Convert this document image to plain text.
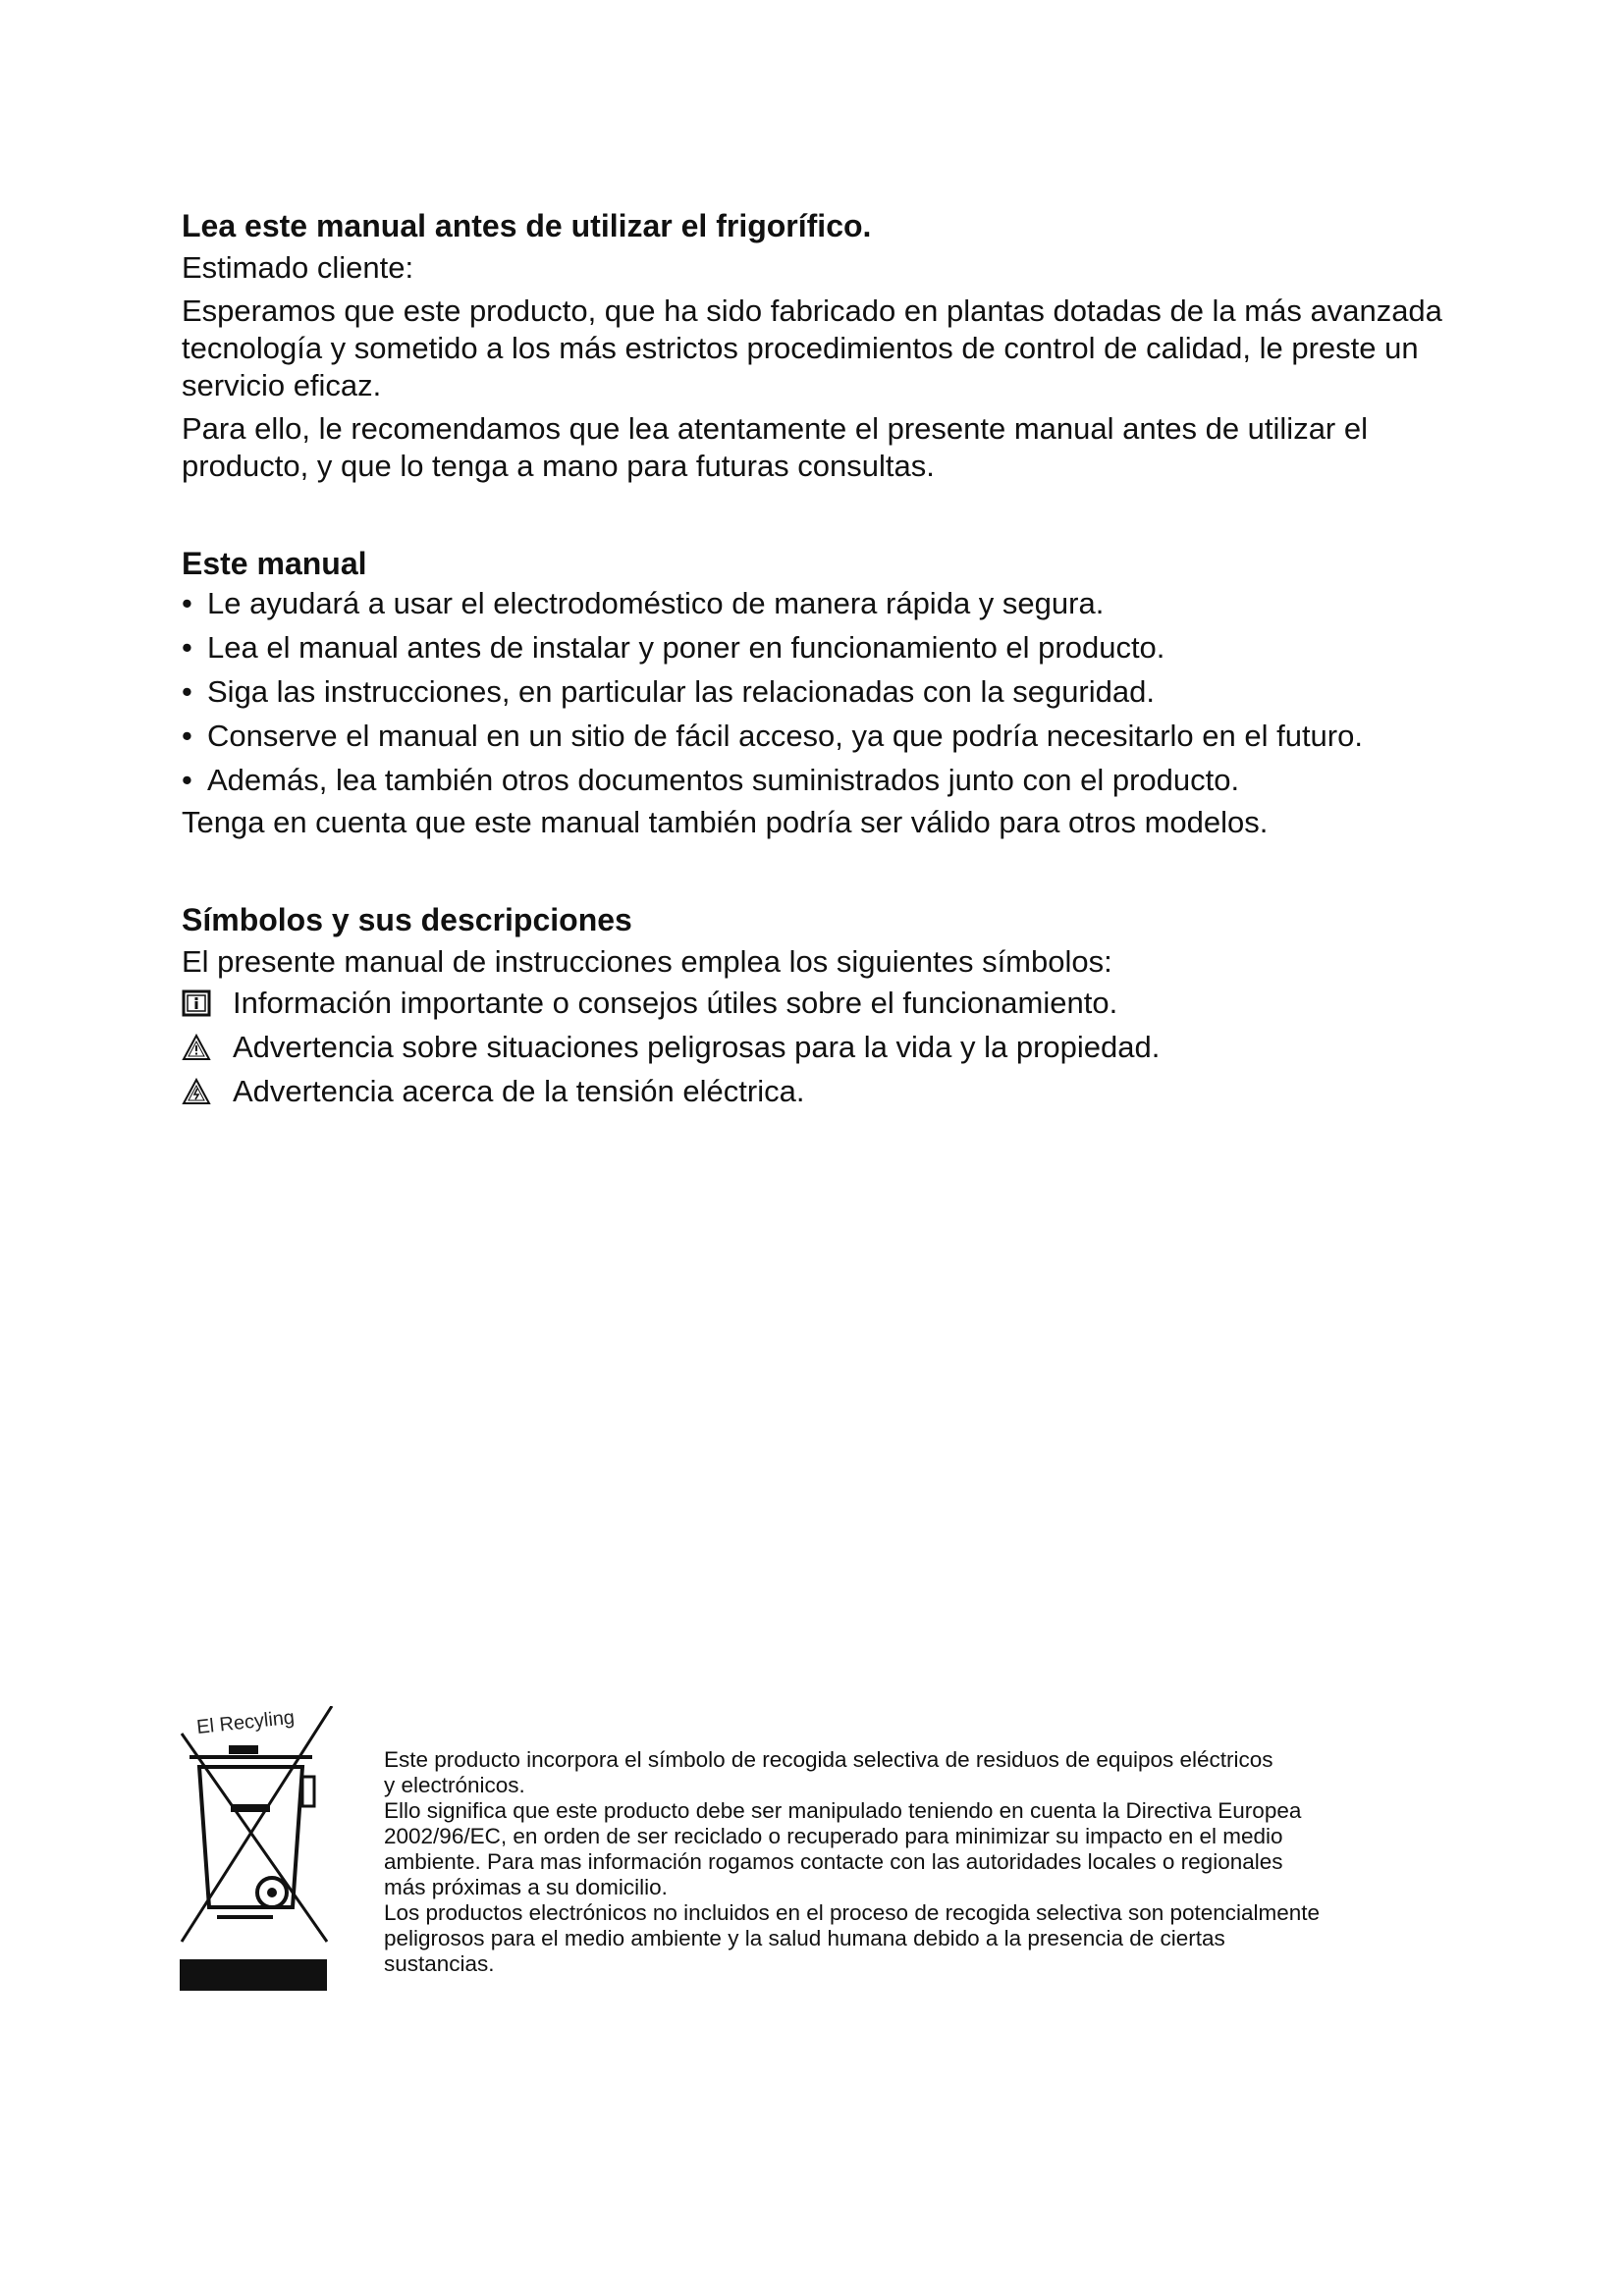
Lea este manual antes de utilizar el frigorífico.

Estimado cliente:

Esperamos que este producto, que ha sido fabricado en plantas dotadas de la más avanzada tecnología y sometido a los más estrictos procedimientos de control de calidad, le preste un servicio eficaz.

Para ello, le recomendamos que lea atentamente el presente manual antes de utilizar el producto, y que lo tenga a mano para futuras consultas.

Este manual
• Le ayudará a usar el electrodoméstico de manera rápida y segura.
• Lea el manual antes de instalar y poner en funcionamiento el producto.
• Siga las instrucciones, en particular las relacionadas con la seguridad.
• Conserve el manual en un sitio de fácil acceso, ya que podría necesitarlo en el futuro.
• Además, lea también otros documentos suministrados junto con el producto.

Tenga en cuenta que este manual también podría ser válido para otros modelos.

Símbolos y sus descripciones

El presente manual de instrucciones emplea los siguientes símbolos:

Información importante o consejos útiles sobre el funcionamiento.
Advertencia sobre situaciones peligrosas para la vida y la propiedad.
Advertencia acerca de la tensión eléctrica.
El Recyling

Este producto incorpora el símbolo de recogida selectiva de residuos de equipos eléctricos

y electrónicos.

Ello significa que este producto debe ser manipulado teniendo en cuenta la Directiva Europea

2002/96/EC, en orden de ser reciclado o recuperado para minimizar su impacto en el medio

ambiente. Para mas información rogamos contacte con las autoridades locales o regionales

más próximas a su domicilio.

Los productos electrónicos no incluidos en el proceso de recogida selectiva son potencialmente

peligrosos para el medio ambiente y la salud humana debido a la presencia de ciertas

sustancias.
